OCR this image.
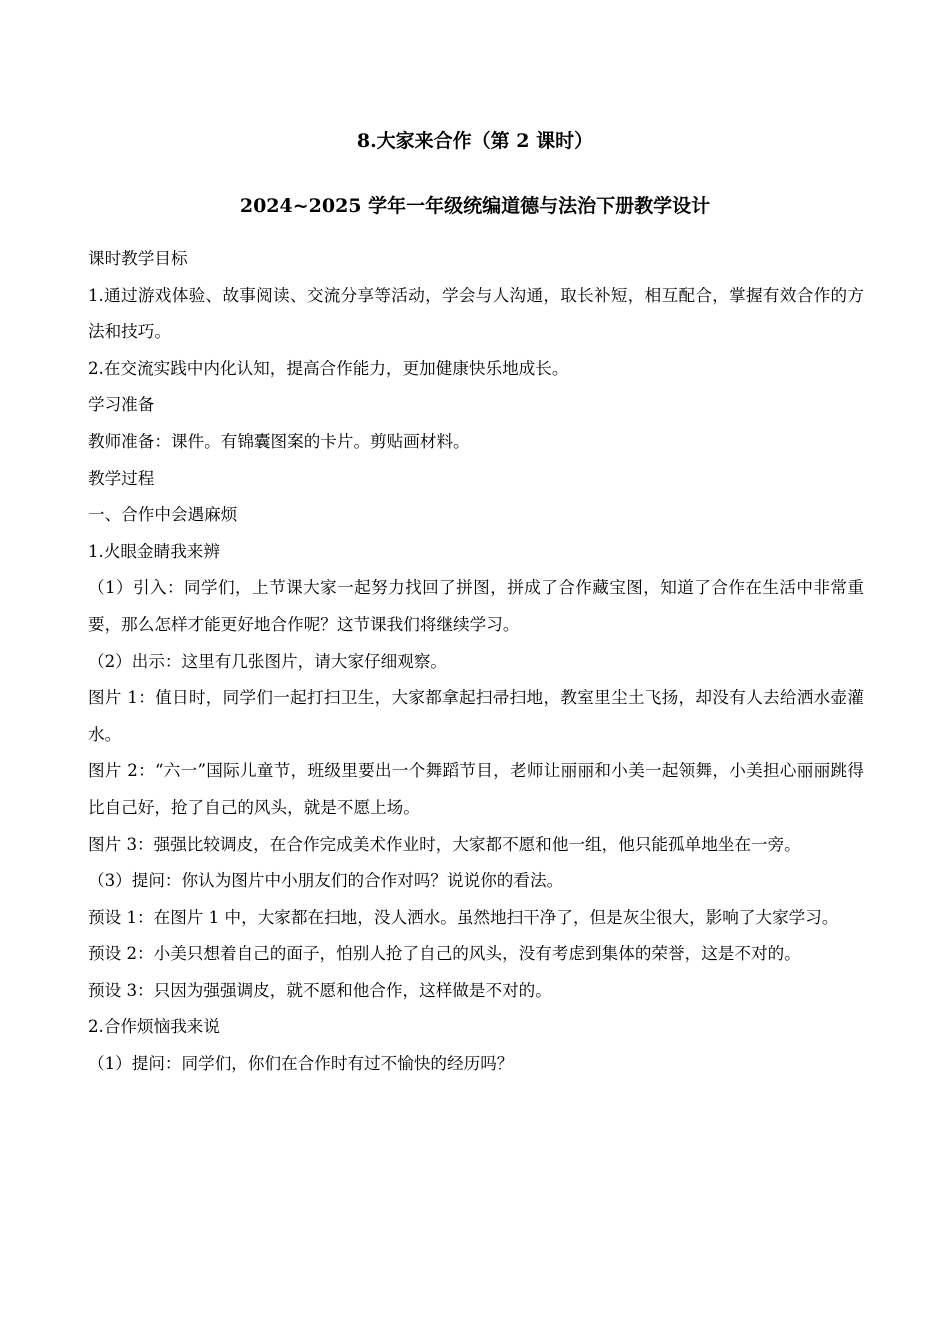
8.大家来合作（第 2 课时）
2024~2025 学年一年级统编道德与法治下册教学设计

课时教学目标

1.通过游戏体验、故事阅读、交流分享等活动，学会与人沟通，取长补短，相互配合，掌握有效合作的方法和技巧。

2.在交流实践中内化认知，提高合作能力，更加健康快乐地成长。

学习准备

教师准备：课件。有锦囊图案的卡片。剪贴画材料。

教学过程

一、合作中会遇麻烦

1.火眼金睛我来辨

（1）引入：同学们，上节课大家一起努力找回了拼图，拼成了合作藏宝图，知道了合作在生活中非常重要，那么怎样才能更好地合作呢？这节课我们将继续学习。

（2）出示：这里有几张图片，请大家仔细观察。

图片 1：值日时，同学们一起打扫卫生，大家都拿起扫帚扫地，教室里尘土飞扬，却没有人去给洒水壶灌水。

图片 2：“六一”国际儿童节，班级里要出一个舞蹈节目，老师让丽丽和小美一起领舞，小美担心丽丽跳得比自己好，抢了自己的风头，就是不愿上场。

图片 3：强强比较调皮，在合作完成美术作业时，大家都不愿和他一组，他只能孤单地坐在一旁。

（3）提问：你认为图片中小朋友们的合作对吗？说说你的看法。

预设 1：在图片 1 中，大家都在扫地，没人洒水。虽然地扫干净了，但是灰尘很大，影响了大家学习。

预设 2：小美只想着自己的面子，怕别人抢了自己的风头，没有考虑到集体的荣誉，这是不对的。

预设 3：只因为强强调皮，就不愿和他合作，这样做是不对的。

2.合作烦恼我来说

（1）提问：同学们，你们在合作时有过不愉快的经历吗？
